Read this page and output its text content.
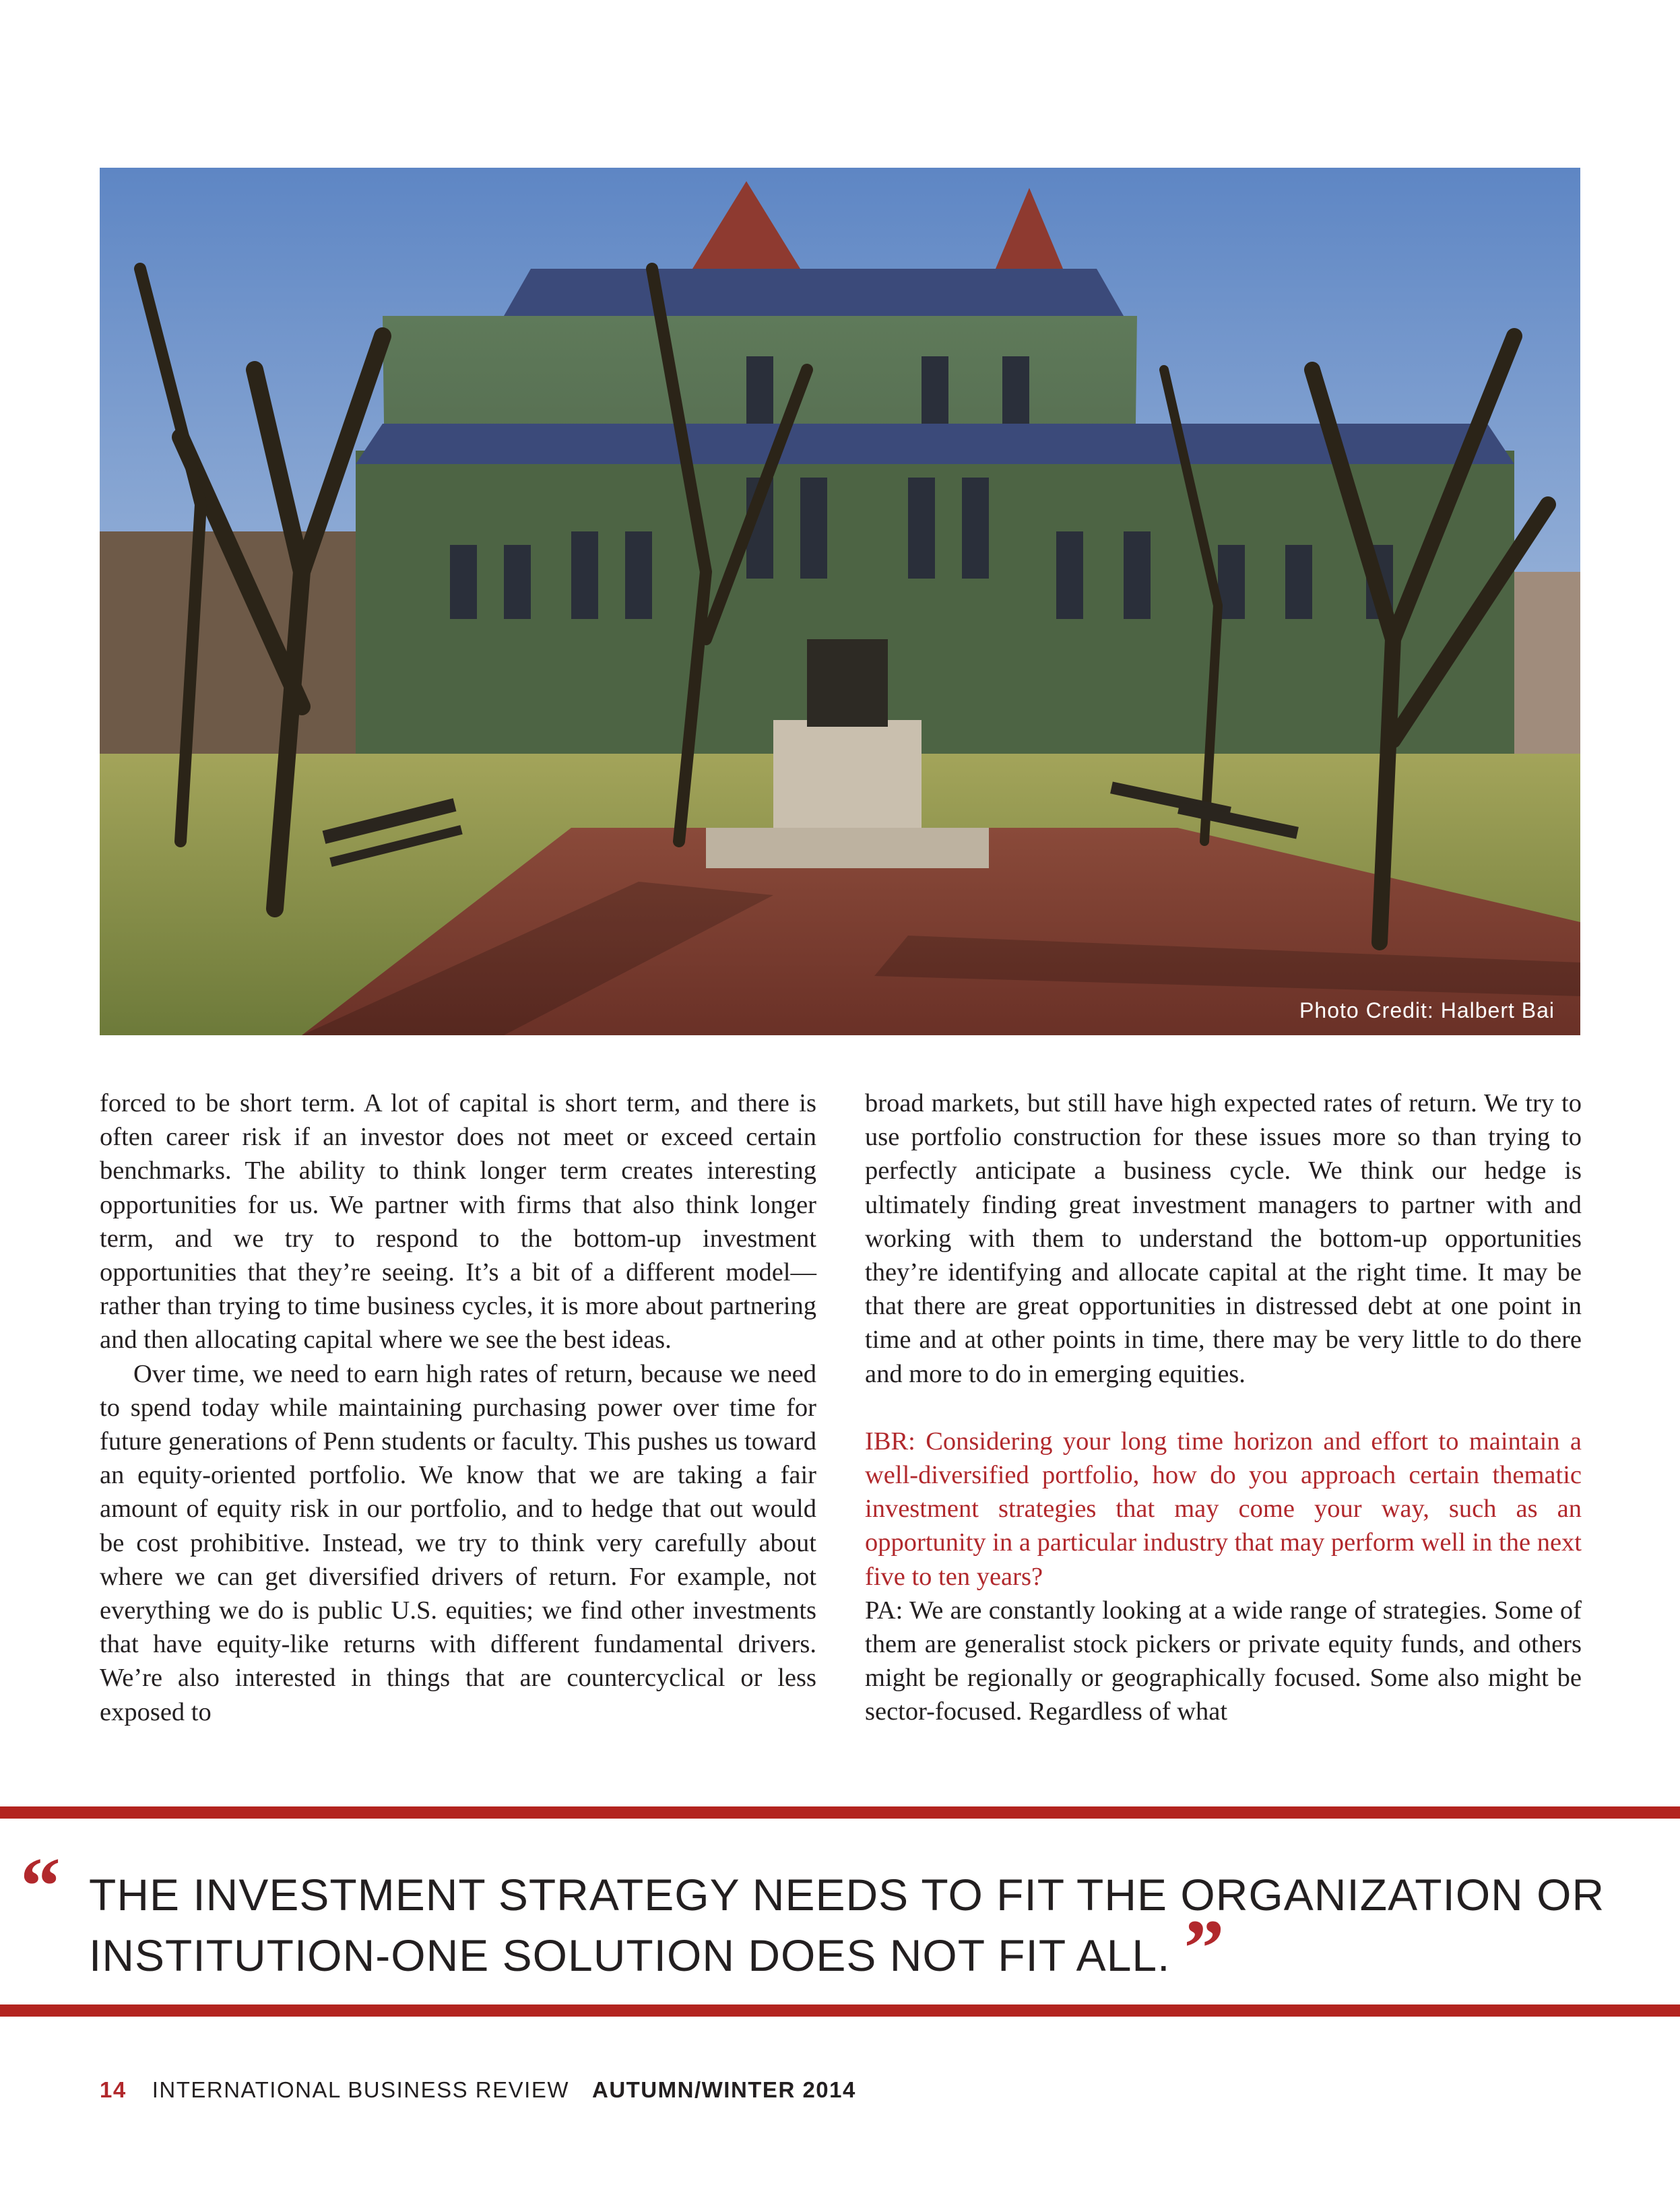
Photo Credit: Halbert Bai

forced to be short term. A lot of capital is short term, and there is often career risk if an investor does not meet or exceed certain benchmarks. The ability to think longer term creates interesting opportunities for us. We partner with firms that also think longer term, and we try to respond to the bottom-up investment opportunities that they’re seeing. It’s a bit of a different model—rather than trying to time business cycles, it is more about partnering and then allocating capital where we see the best ideas.

Over time, we need to earn high rates of return, because we need to spend today while maintaining purchasing power over time for future generations of Penn students or faculty. This pushes us toward an equity-oriented portfolio. We know that we are taking a fair amount of equity risk in our portfolio, and to hedge that out would be cost prohibitive. Instead, we try to think very carefully about where we can get diversified drivers of return. For example, not everything we do is public U.S. equities; we find other investments that have equity-like returns with different fundamental drivers. We’re also interested in things that are countercyclical or less exposed to

broad markets, but still have high expected rates of return. We try to use portfolio construction for these issues more so than trying to perfectly anticipate a business cycle. We think our hedge is ultimately finding great investment managers to partner with and working with them to understand the bottom-up opportunities they’re identifying and allocate capital at the right time. It may be that there are great opportunities in distressed debt at one point in time and at other points in time, there may be very little to do there and more to do in emerging equities.

IBR: Considering your long time horizon and effort to maintain a well-diversified portfolio, how do you approach certain thematic investment strategies that may come your way, such as an opportunity in a particular industry that may perform well in the next five to ten years?

PA: We are constantly looking at a wide range of strategies. Some of them are generalist stock pickers or private equity funds, and others might be regionally or geographically focused. Some also might be sector-focused. Regardless of what

“ THE INVESTMENT STRATEGY NEEDS TO FIT THE ORGANIZATION OR INSTITUTION-ONE SOLUTION DOES NOT FIT ALL. ”
14 INTERNATIONAL BUSINESS REVIEW AUTUMN/WINTER 2014
